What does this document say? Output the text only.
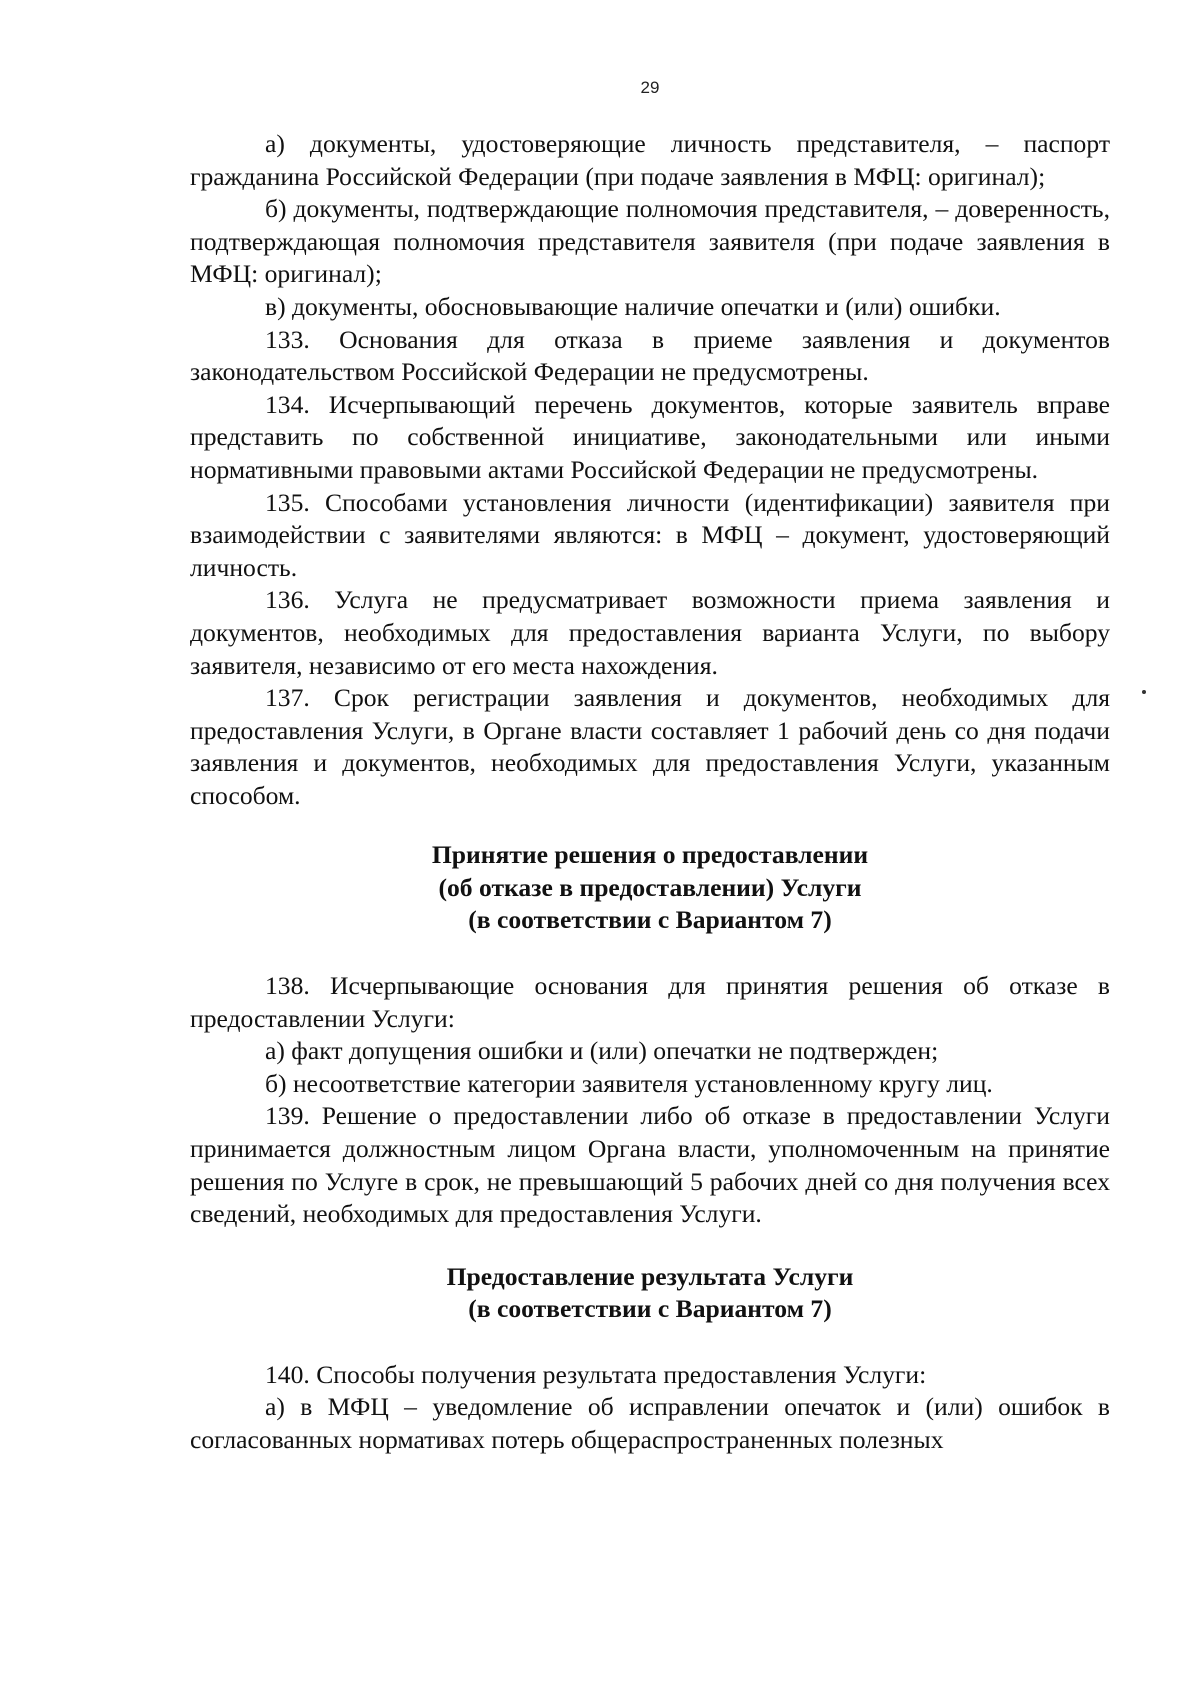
29

а) документы, удостоверяющие личность представителя, – паспорт гражданина Российской Федерации (при подаче заявления в МФЦ: оригинал);

б) документы, подтверждающие полномочия представителя, – доверенность, подтверждающая полномочия представителя заявителя (при подаче заявления в МФЦ: оригинал);

в) документы, обосновывающие наличие опечатки и (или) ошибки.

133. Основания для отказа в приеме заявления и документов законодательством Российской Федерации не предусмотрены.

134. Исчерпывающий перечень документов, которые заявитель вправе представить по собственной инициативе, законодательными или иными нормативными правовыми актами Российской Федерации не предусмотрены.

135. Способами установления личности (идентификации) заявителя при взаимодействии с заявителями являются: в МФЦ – документ, удостоверяющий личность.

136. Услуга не предусматривает возможности приема заявления и документов, необходимых для предоставления варианта Услуги, по выбору заявителя, независимо от его места нахождения.

137. Срок регистрации заявления и документов, необходимых для предоставления Услуги, в Органе власти составляет 1 рабочий день со дня подачи заявления и документов, необходимых для предоставления Услуги, указанным способом.

Принятие решения о предоставлении
(об отказе в предоставлении) Услуги
(в соответствии с Вариантом 7)

138. Исчерпывающие основания для принятия решения об отказе в предоставлении Услуги:

а) факт допущения ошибки и (или) опечатки не подтвержден;

б) несоответствие категории заявителя установленному кругу лиц.

139. Решение о предоставлении либо об отказе в предоставлении Услуги принимается должностным лицом Органа власти, уполномоченным на принятие решения по Услуге в срок, не превышающий 5 рабочих дней со дня получения всех сведений, необходимых для предоставления Услуги.

Предоставление результата Услуги
(в соответствии с Вариантом 7)

140. Способы получения результата предоставления Услуги:

а) в МФЦ – уведомление об исправлении опечаток и (или) ошибок в согласованных нормативах потерь общераспространенных полезных
